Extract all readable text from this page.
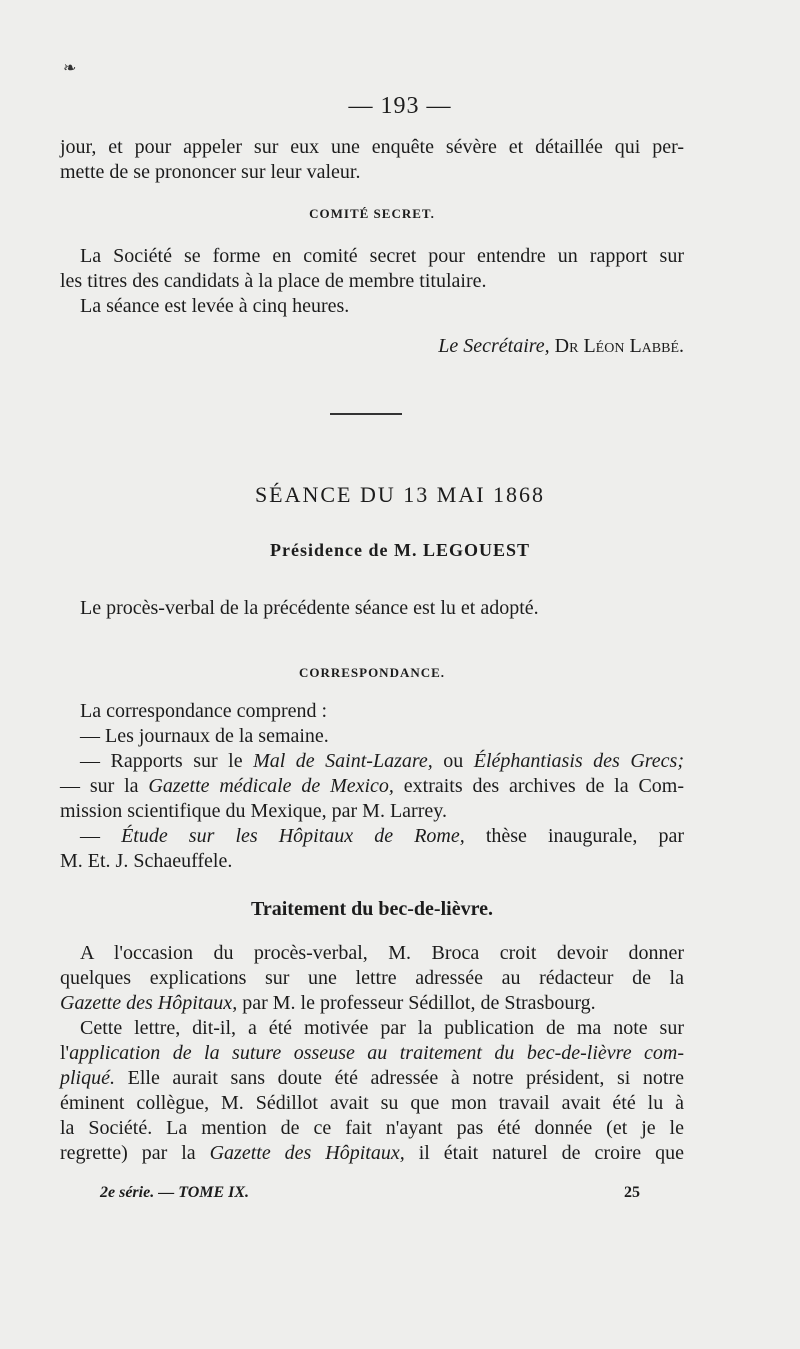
❧
— 193 —

jour, et pour appeler sur eux une enquête sévère et détaillée qui per-

mette de se prononcer sur leur valeur.

COMITÉ SECRET.

La Société se forme en comité secret pour entendre un rapport sur

les titres des candidats à la place de membre titulaire.

La séance est levée à cinq heures.

Le Secrétaire, Dr Léon Labbé.
SÉANCE DU 13 MAI 1868
Présidence de M. LEGOUEST

Le procès-verbal de la précédente séance est lu et adopté.

CORRESPONDANCE.

La correspondance comprend :

— Les journaux de la semaine.

— Rapports sur le Mal de Saint-Lazare, ou Éléphantiasis des Grecs;

— sur la Gazette médicale de Mexico, extraits des archives de la Com-

mission scientifique du Mexique, par M. Larrey.

— Étude sur les Hôpitaux de Rome, thèse inaugurale, par

M. Et. J. Schaeuffele.

Traitement du bec-de-lièvre.

A l'occasion du procès-verbal, M. Broca croit devoir donner

quelques explications sur une lettre adressée au rédacteur de la

Gazette des Hôpitaux, par M. le professeur Sédillot, de Strasbourg.

Cette lettre, dit-il, a été motivée par la publication de ma note sur

l'application de la suture osseuse au traitement du bec-de-lièvre com-

pliqué. Elle aurait sans doute été adressée à notre président, si notre

éminent collègue, M. Sédillot avait su que mon travail avait été lu à

la Société. La mention de ce fait n'ayant pas été donnée (et je le

regrette) par la Gazette des Hôpitaux, il était naturel de croire que

2e série. — TOME IX.	25
